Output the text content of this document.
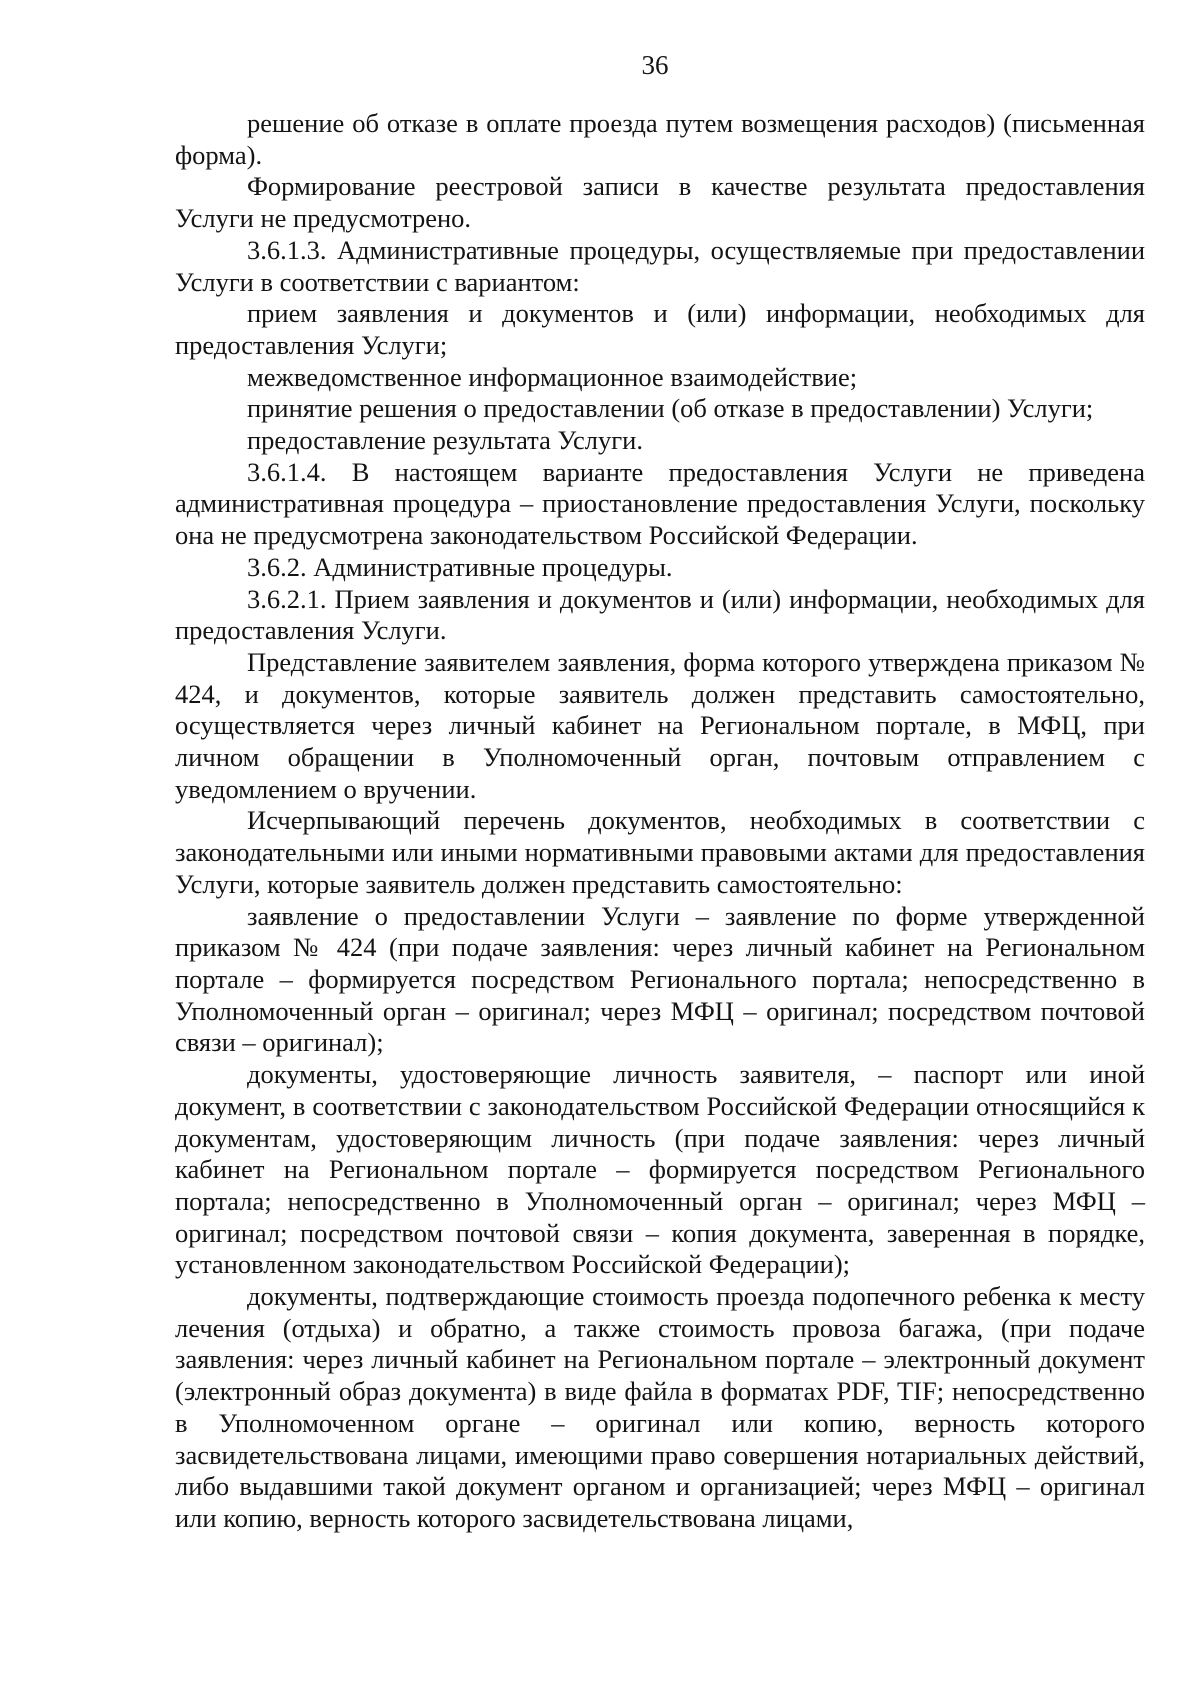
36

решение об отказе в оплате проезда путем возмещения расходов) (письменная форма).

Формирование реестровой записи в качестве результата предоставления Услуги не предусмотрено.

3.6.1.3. Административные процедуры, осуществляемые при предоставлении Услуги в соответствии с вариантом:

прием заявления и документов и (или) информации, необходимых для предоставления Услуги;

межведомственное информационное взаимодействие;

принятие решения о предоставлении (об отказе в предоставлении) Услуги;

предоставление результата Услуги.

3.6.1.4. В настоящем варианте предоставления Услуги не приведена административная процедура – приостановление предоставления Услуги, поскольку она не предусмотрена законодательством Российской Федерации.

3.6.2. Административные процедуры.

3.6.2.1. Прием заявления и документов и (или) информации, необходимых для предоставления Услуги.

Представление заявителем заявления, форма которого утверждена приказом № 424, и документов, которые заявитель должен представить самостоятельно, осуществляется через личный кабинет на Региональном портале, в МФЦ, при личном обращении в Уполномоченный орган, почтовым отправлением с уведомлением о вручении.

Исчерпывающий перечень документов, необходимых в соответствии с законодательными или иными нормативными правовыми актами для предоставления Услуги, которые заявитель должен представить самостоятельно:

заявление о предоставлении Услуги – заявление по форме утвержденной приказом № 424 (при подаче заявления: через личный кабинет на Региональном портале – формируется посредством Регионального портала; непосредственно в Уполномоченный орган – оригинал; через МФЦ – оригинал; посредством почтовой связи – оригинал);

документы, удостоверяющие личность заявителя, – паспорт или иной документ, в соответствии с законодательством Российской Федерации относящийся к документам, удостоверяющим личность (при подаче заявления: через личный кабинет на Региональном портале – формируется посредством Регионального портала; непосредственно в Уполномоченный орган – оригинал; через МФЦ – оригинал; посредством почтовой связи – копия документа, заверенная в порядке, установленном законодательством Российской Федерации);

документы, подтверждающие стоимость проезда подопечного ребенка к месту лечения (отдыха) и обратно, а также стоимость провоза багажа, (при подаче заявления: через личный кабинет на Региональном портале – электронный документ (электронный образ документа) в виде файла в форматах PDF, TIF; непосредственно в Уполномоченном органе – оригинал или копию, верность которого засвидетельствована лицами, имеющими право совершения нотариальных действий, либо выдавшими такой документ органом и организацией; через МФЦ – оригинал или копию, верность которого засвидетельствована лицами,
